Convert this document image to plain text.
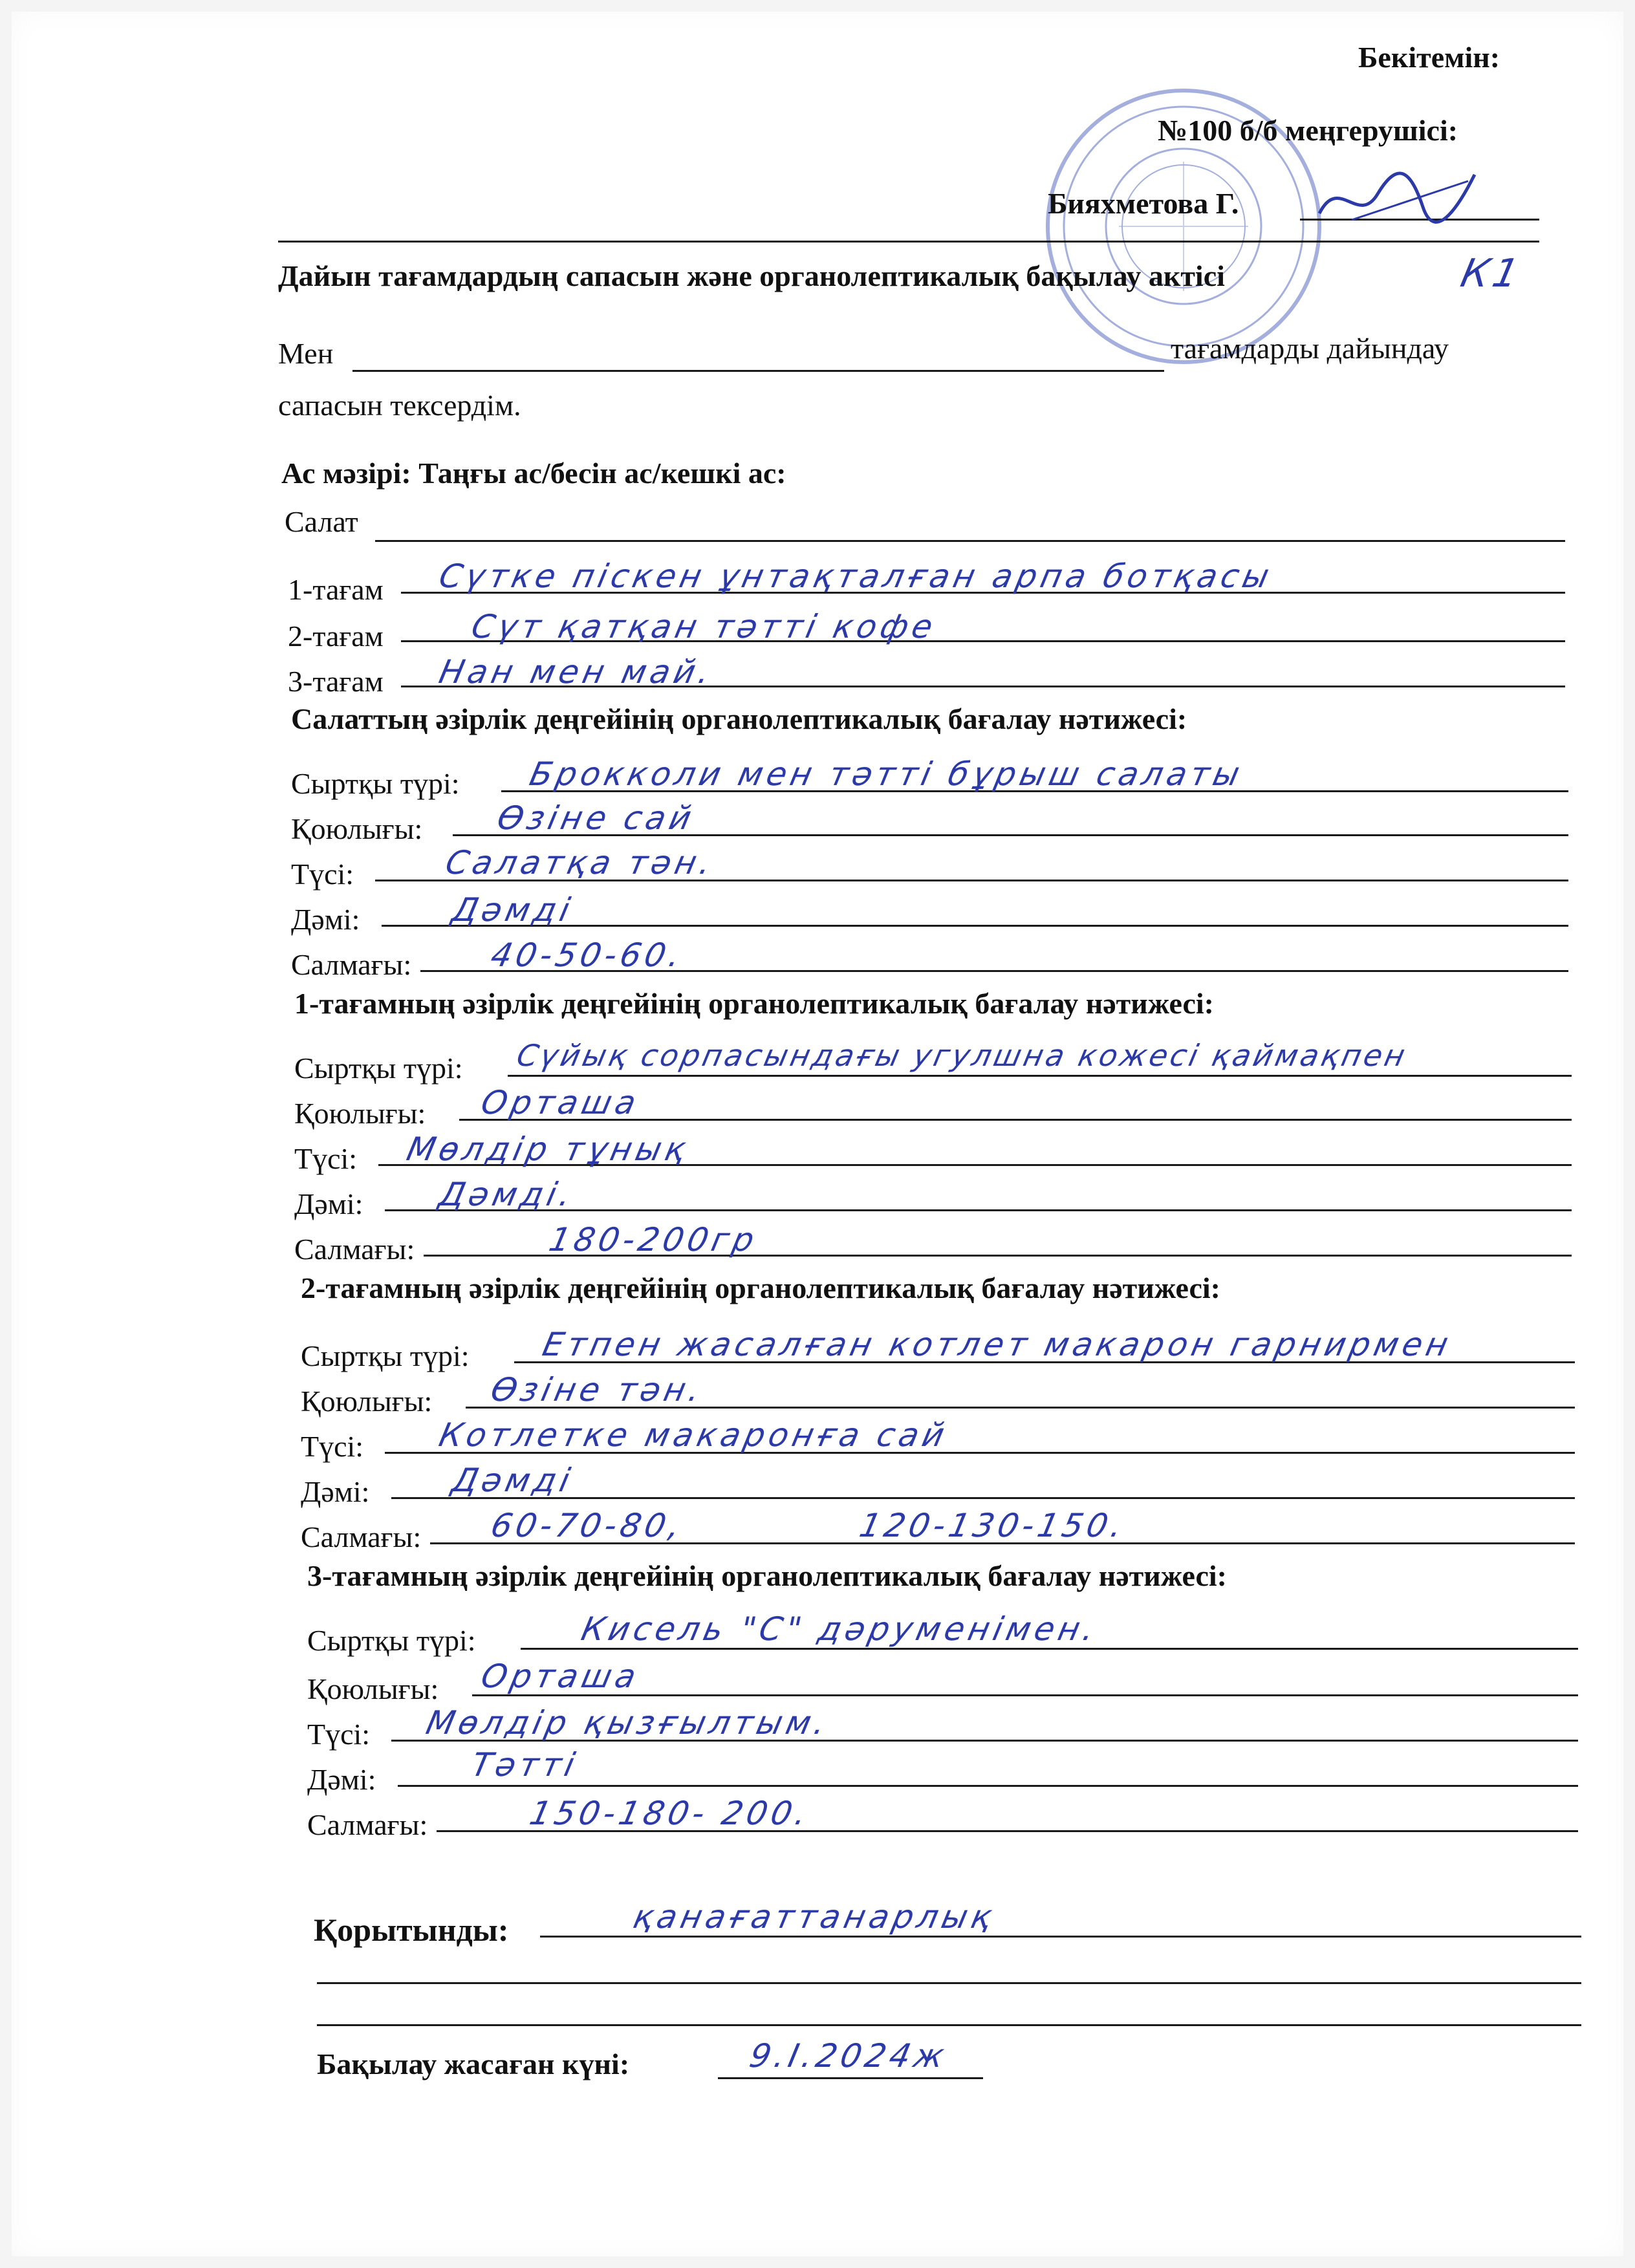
Бекітемін:
№100 б/б меңгерушісі:
Бияхметова Г.
Дайын тағамдардың сапасын және органолептикалық бақылау актісі	К1
Мен	тағамдарды дайындау
сапасын тексердім.
Ас мәзірі: Таңғы ас/бесін ас/кешкі ас:
Салат
1-тағам Сүтке піскен ұнтақталған арпа ботқасы
2-тағам	Сүт қатқан тәтті кофе
3-тағам Нан мен май.
Салаттың әзірлік деңгейінің органолептикалық бағалау нәтижесі:
Сыртқы түрі: Брокколи мен тәтті бұрыш салаты
Қоюлығы: Өзіне сай
Түсі:	Салатқа тән.
Дәмі:	Дәмді
Салмағы: 40-50-60.
1-тағамның әзірлік деңгейінің органолептикалық бағалау нәтижесі:
Сыртқы түрі: Сүйық сорпасындағы угулшна кожесі қаймақпен
Қоюлығы: Орташа
Түсі: Мөлдір тұнық
Дәмі: Дәмді.
Салмағы:	180-200гр
2-тағамның әзірлік деңгейінің органолептикалық бағалау нәтижесі:
Сыртқы түрі: Етпен жасалған котлет макарон гарнирмен
Қоюлығы: Өзіне тән.
Түсі: Котлетке макаронға сай
Дәмі: Дәмді
Салмағы: 60-70-80,	120-130-150.
3-тағамның әзірлік деңгейінің органолептикалық бағалау нәтижесі:
Сыртқы түрі:	Кисель "С" дәруменімен.
Қоюлығы: Орташа
Түсі: Мөлдір қызғылтым.
Дәмі:	Тәтті
Салмағы:	150-180- 200.
Қорытынды:	қанағаттанарлық
Бақылау жасаған күні:	9.І.2024ж
